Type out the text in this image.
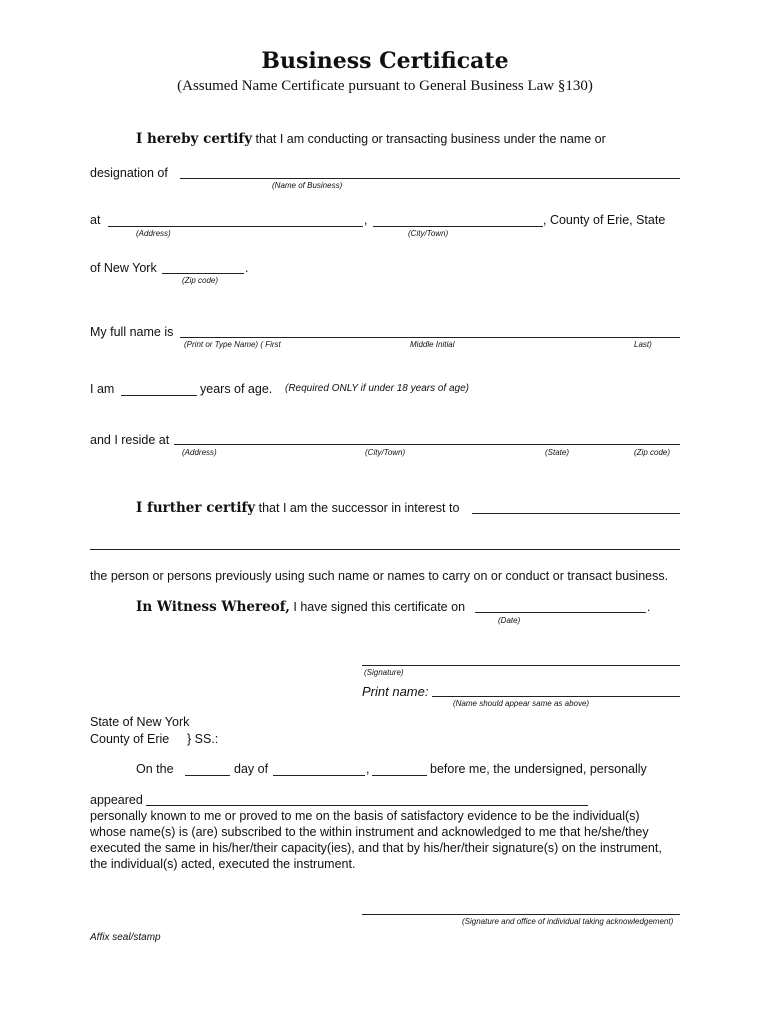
Business Certificate
(Assumed Name Certificate pursuant to General Business Law §130)
I hereby certify that I am conducting or transacting business under the name or
designation of
(Name of Business)
at	,	, County of Erie, State
(Address)	(City/Town)
of New York	.
(Zip code)
My full name is
(Print or Type Name) ( First	Middle Initial	Last)
I am	years of age. (Required ONLY if under 18 years of age)
and I reside at
(Address)	(City/Town)	(State)	(Zip code)
I further certify that I am the successor in interest to
the person or persons previously using such name or names to carry on or conduct or transact business.
In Witness Whereof, I have signed this certificate on	.
(Date)
(Signature)
Print name:
(Name should appear same as above)
State of New York
County of Erie } SS.:
On the	day of	,	before me, the undersigned, personally
appeared
personally known to me or proved to me on the basis of satisfactory evidence to be the individual(s)
whose name(s) is (are) subscribed to the within instrument and acknowledged to me that he/she/they
executed the same in his/her/their capacity(ies), and that by his/her/their signature(s) on the instrument,
the individual(s) acted, executed the instrument.
(Signature and office of individual taking acknowledgement)
Affix seal/stamp
